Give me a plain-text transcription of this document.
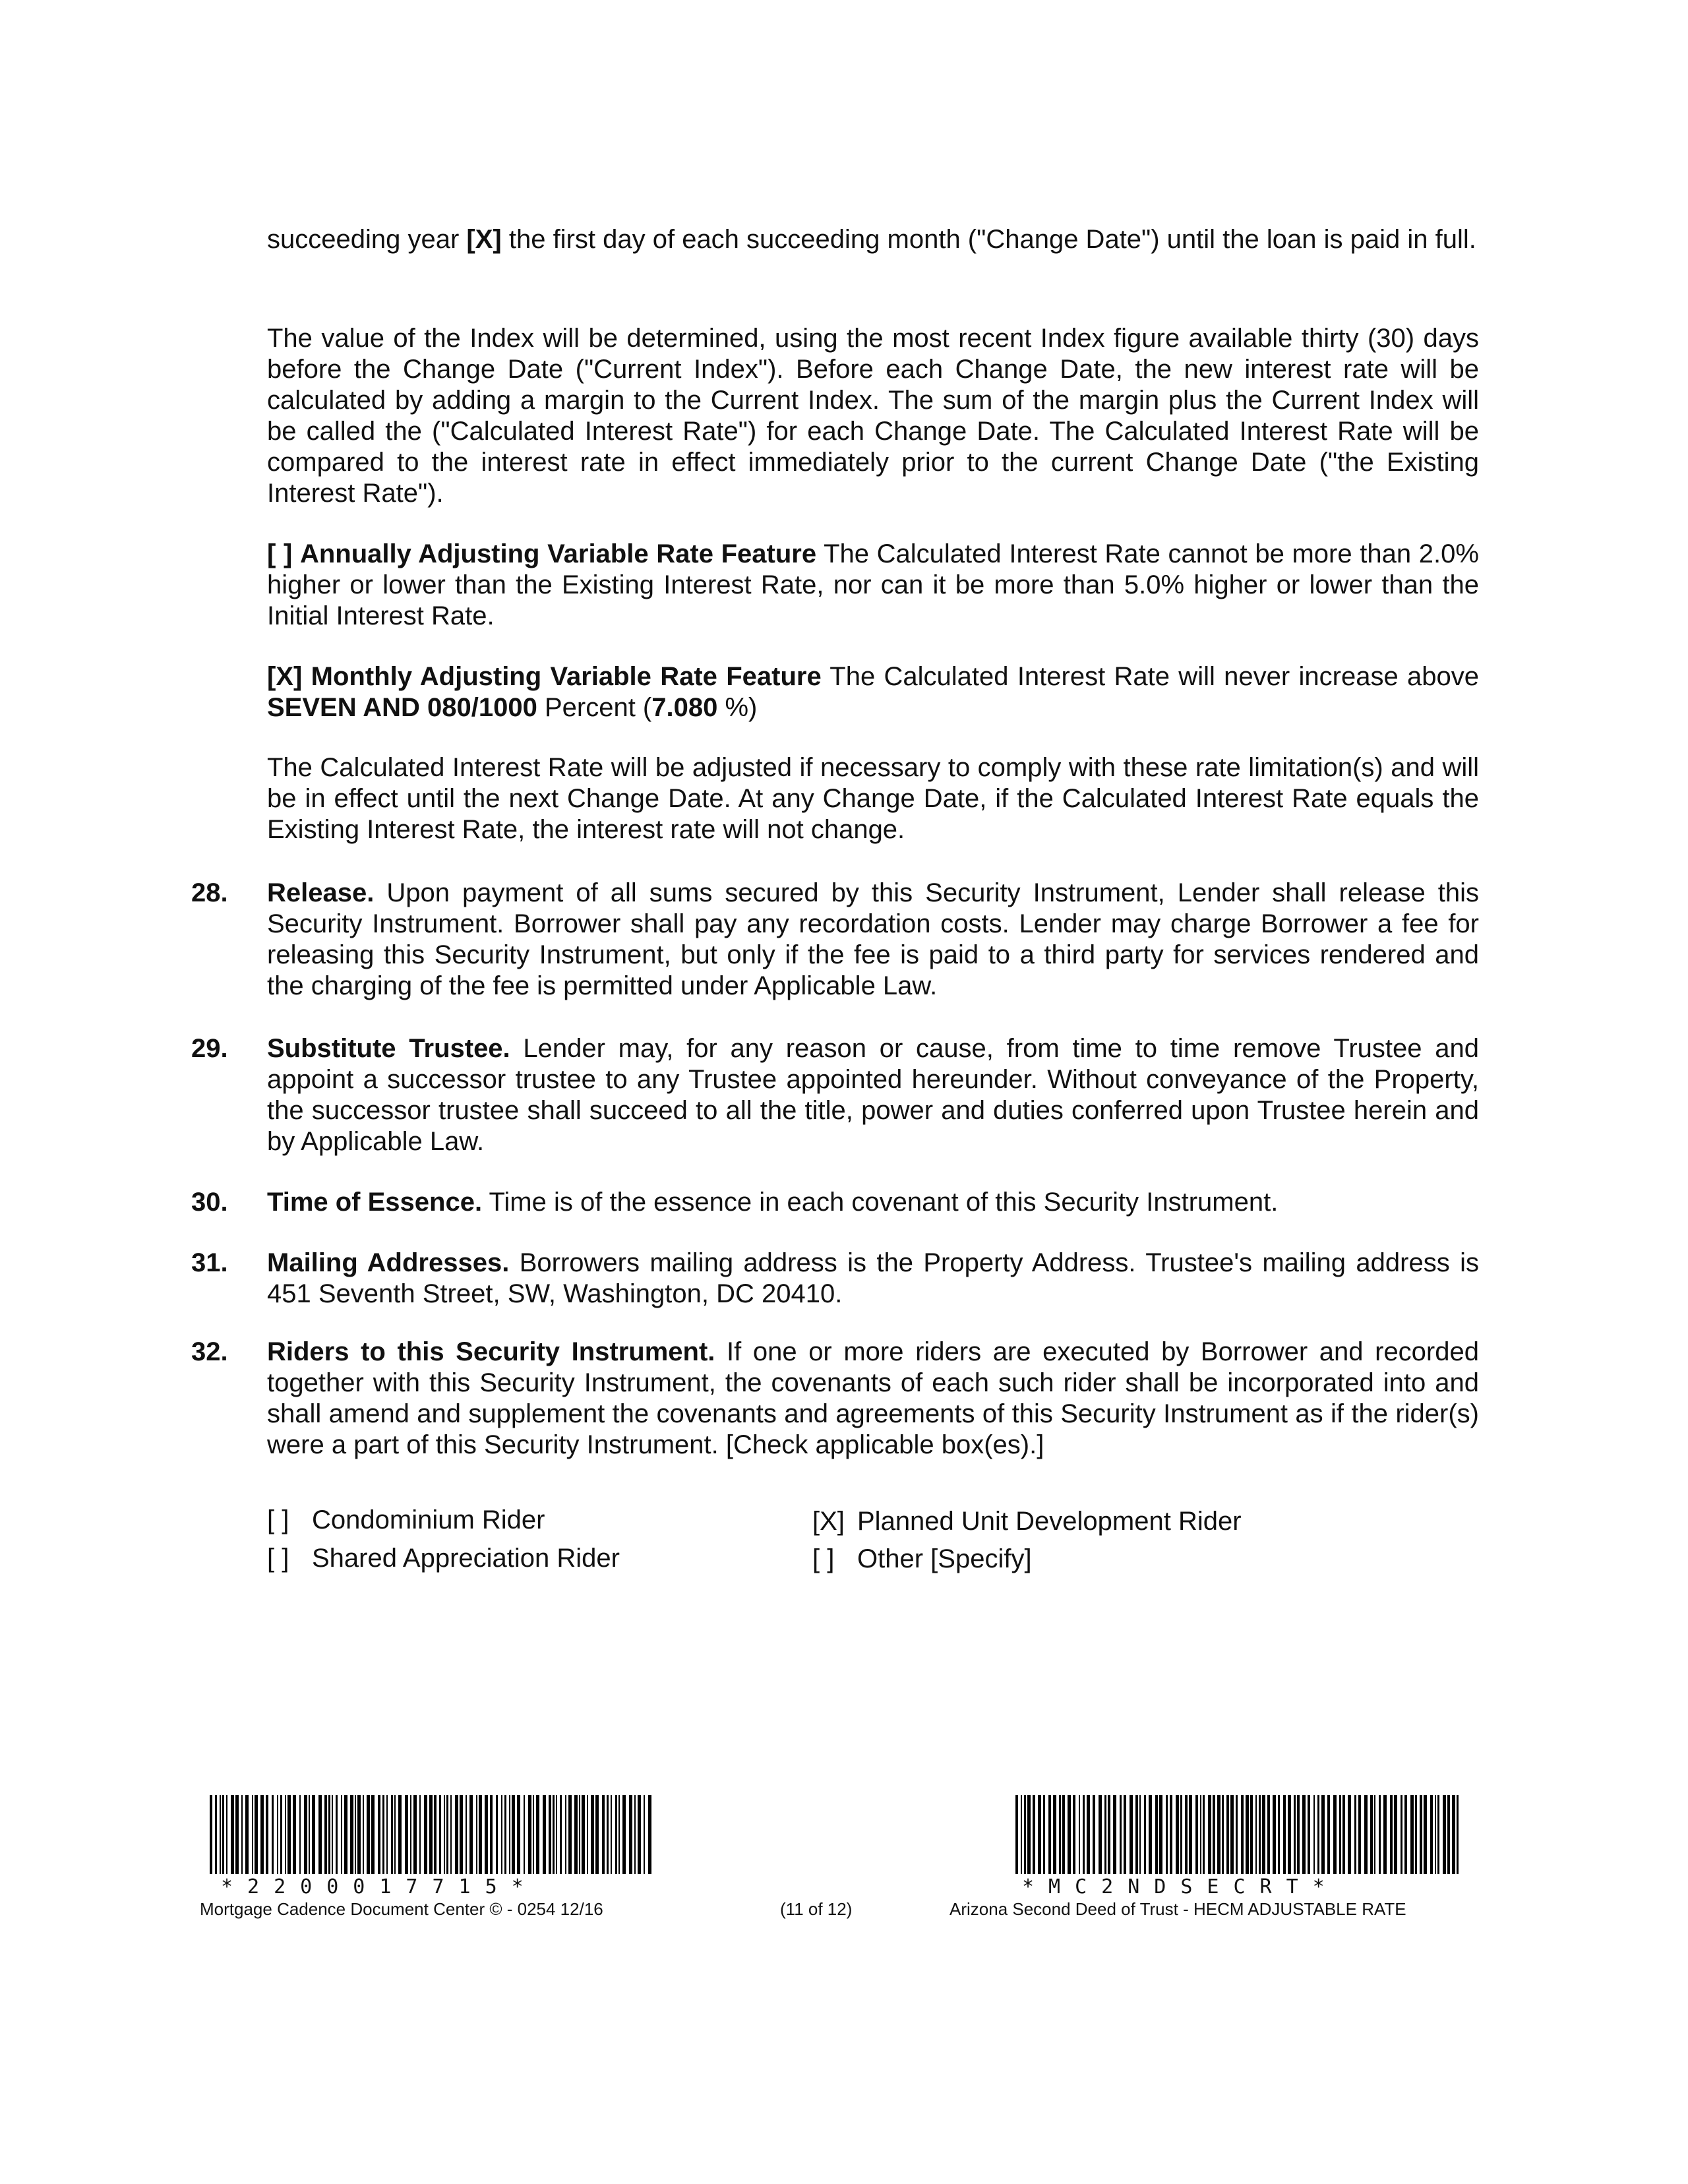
succeeding year [X] the first day of each succeeding month ("Change Date") until the loan is paid in full.

The value of the Index will be determined, using the most recent Index figure available thirty (30) days before the Change Date ("Current Index"). Before each Change Date, the new interest rate will be calculated by adding a margin to the Current Index. The sum of the margin plus the Current Index will be called the ("Calculated Interest Rate") for each Change Date. The Calculated Interest Rate will be compared to the interest rate in effect immediately prior to the current Change Date ("the Existing Interest Rate").

[ ] Annually Adjusting Variable Rate Feature The Calculated Interest Rate cannot be more than 2.0% higher or lower than the Existing Interest Rate, nor can it be more than 5.0% higher or lower than the Initial Interest Rate.

[X] Monthly Adjusting Variable Rate Feature The Calculated Interest Rate will never increase above SEVEN AND 080/1000 Percent (7.080 %)

The Calculated Interest Rate will be adjusted if necessary to comply with these rate limitation(s) and will be in effect until the next Change Date. At any Change Date, if the Calculated Interest Rate equals the Existing Interest Rate, the interest rate will not change.

28. Release. Upon payment of all sums secured by this Security Instrument, Lender shall release this Security Instrument. Borrower shall pay any recordation costs. Lender may charge Borrower a fee for releasing this Security Instrument, but only if the fee is paid to a third party for services rendered and the charging of the fee is permitted under Applicable Law.
29. Substitute Trustee. Lender may, for any reason or cause, from time to time remove Trustee and appoint a successor trustee to any Trustee appointed hereunder. Without conveyance of the Property, the successor trustee shall succeed to all the title, power and duties conferred upon Trustee herein and by Applicable Law.
30. Time of Essence. Time is of the essence in each covenant of this Security Instrument.
31. Mailing Addresses. Borrowers mailing address is the Property Address. Trustee's mailing address is 451 Seventh Street, SW, Washington, DC 20410.
32. Riders to this Security Instrument. If one or more riders are executed by Borrower and recorded together with this Security Instrument, the covenants of each such rider shall be incorporated into and shall amend and supplement the covenants and agreements of this Security Instrument as if the rider(s) were a part of this Security Instrument. [Check applicable box(es).]
[ ] Condominium Rider
[ ] Shared Appreciation Rider
[X] Planned Unit Development Rider
[ ] Other [Specify]
*2200017715*	*MC2NDSECRT*
Mortgage Cadence Document Center © - 0254 12/16	(11 of 12)	Arizona Second Deed of Trust - HECM ADJUSTABLE RATE
